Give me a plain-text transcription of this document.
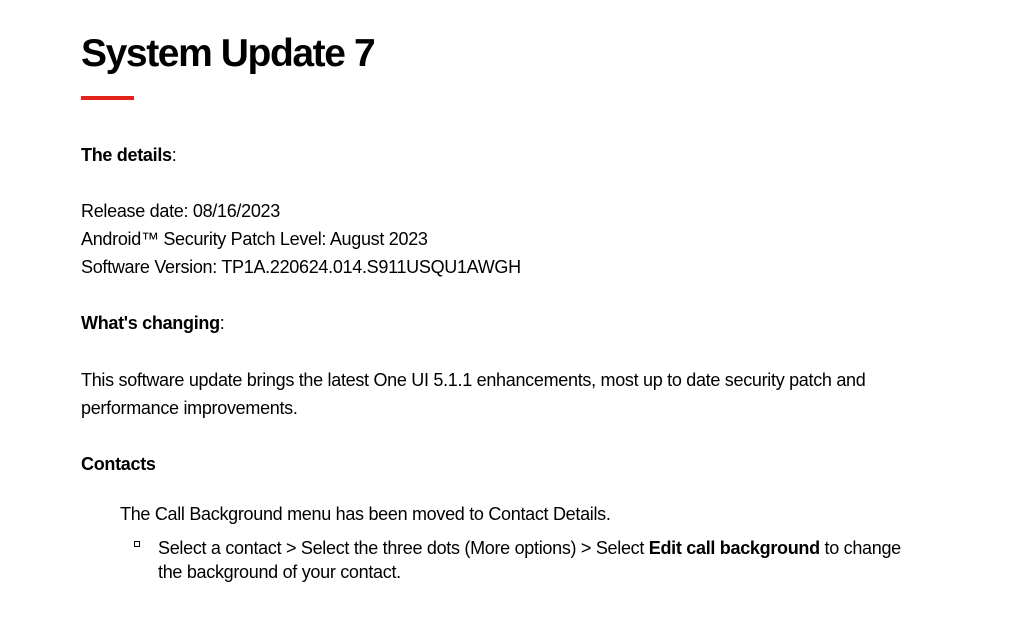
System Update 7

The details:

Release date: 08/16/2023

Android™ Security Patch Level: August 2023

Software Version: TP1A.220624.014.S911USQU1AWGH

What's changing:

This software update brings the latest One UI 5.1.1 enhancements, most up to date security patch and performance improvements.

Contacts

The Call Background menu has been moved to Contact Details.

Select a contact > Select the three dots (More options) > Select Edit call background to change the background of your contact.
